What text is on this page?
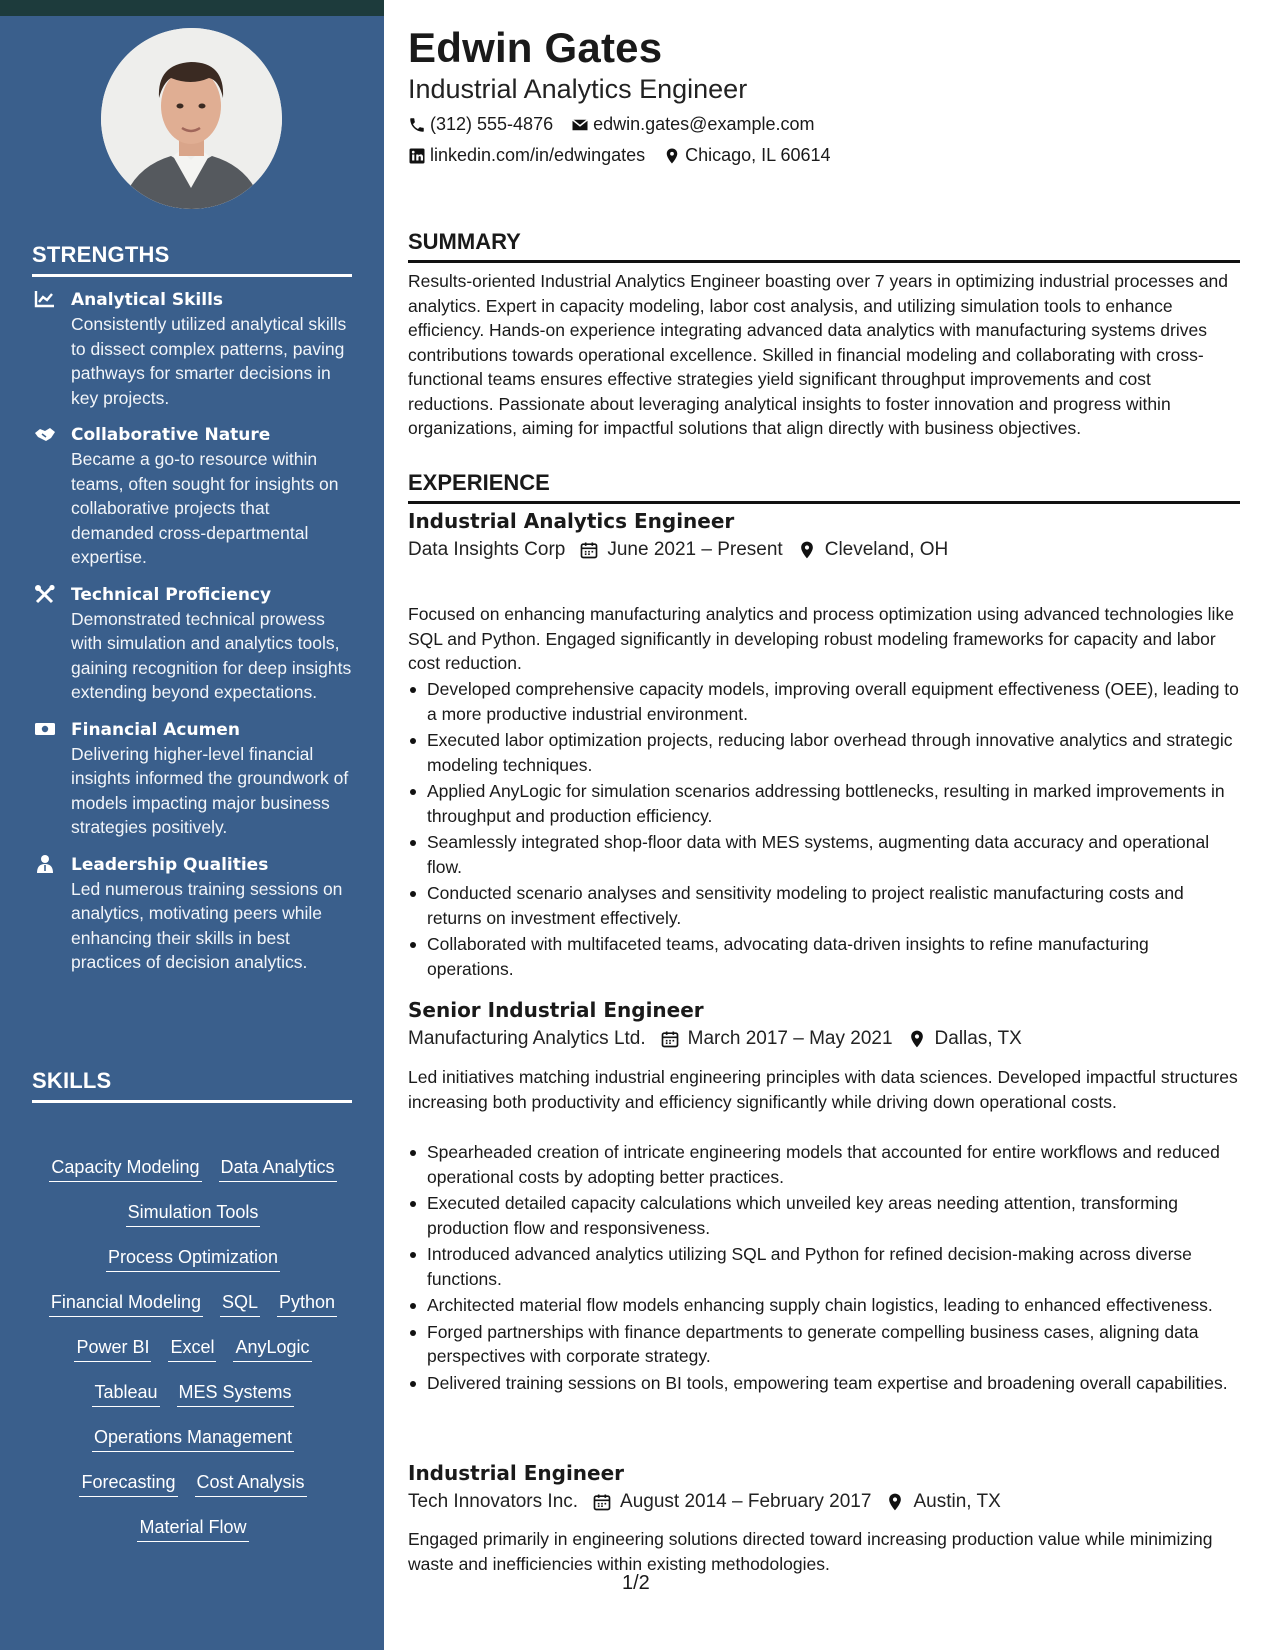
STRENGTHS
Analytical Skills
Consistently utilized analytical skills to dissect complex patterns, paving pathways for smarter decisions in key projects.
Collaborative Nature
Became a go-to resource within teams, often sought for insights on collaborative projects that demanded cross-departmental expertise.
Technical Proficiency
Demonstrated technical prowess with simulation and analytics tools, gaining recognition for deep insights extending beyond expectations.
Financial Acumen
Delivering higher-level financial insights informed the groundwork of models impacting major business strategies positively.
Leadership Qualities
Led numerous training sessions on analytics, motivating peers while enhancing their skills in best practices of decision analytics.
SKILLS
Capacity Modeling Data Analytics
Simulation Tools
Process Optimization
Financial Modeling SQL Python
Power BI Excel AnyLogic
Tableau MES Systems
Operations Management
Forecasting Cost Analysis
Material Flow
Edwin Gates
Industrial Analytics Engineer
(312) 555-4876 edwin.gates@example.com
linkedin.com/in/edwingates Chicago, IL 60614
SUMMARY
Results-oriented Industrial Analytics Engineer boasting over 7 years in optimizing industrial processes and analytics. Expert in capacity modeling, labor cost analysis, and utilizing simulation tools to enhance efficiency. Hands-on experience integrating advanced data analytics with manufacturing systems drives contributions towards operational excellence. Skilled in financial modeling and collaborating with cross-functional teams ensures effective strategies yield significant throughput improvements and cost reductions. Passionate about leveraging analytical insights to foster innovation and progress within organizations, aiming for impactful solutions that align directly with business objectives.
EXPERIENCE
Industrial Analytics Engineer
Data Insights Corp June 2021 – Present Cleveland, OH
Focused on enhancing manufacturing analytics and process optimization using advanced technologies like SQL and Python. Engaged significantly in developing robust modeling frameworks for capacity and labor cost reduction.
Developed comprehensive capacity models, improving overall equipment effectiveness (OEE), leading to a more productive industrial environment.
Executed labor optimization projects, reducing labor overhead through innovative analytics and strategic modeling techniques.
Applied AnyLogic for simulation scenarios addressing bottlenecks, resulting in marked improvements in throughput and production efficiency.
Seamlessly integrated shop-floor data with MES systems, augmenting data accuracy and operational flow.
Conducted scenario analyses and sensitivity modeling to project realistic manufacturing costs and returns on investment effectively.
Collaborated with multifaceted teams, advocating data-driven insights to refine manufacturing operations.
Senior Industrial Engineer
Manufacturing Analytics Ltd. March 2017 – May 2021 Dallas, TX
Led initiatives matching industrial engineering principles with data sciences. Developed impactful structures increasing both productivity and efficiency significantly while driving down operational costs.
Spearheaded creation of intricate engineering models that accounted for entire workflows and reduced operational costs by adopting better practices.
Executed detailed capacity calculations which unveiled key areas needing attention, transforming production flow and responsiveness.
Introduced advanced analytics utilizing SQL and Python for refined decision-making across diverse functions.
Architected material flow models enhancing supply chain logistics, leading to enhanced effectiveness.
Forged partnerships with finance departments to generate compelling business cases, aligning data perspectives with corporate strategy.
Delivered training sessions on BI tools, empowering team expertise and broadening overall capabilities.
Industrial Engineer
Tech Innovators Inc. August 2014 – February 2017 Austin, TX
Engaged primarily in engineering solutions directed toward increasing production value while minimizing waste and inefficiencies within existing methodologies.
1/2
